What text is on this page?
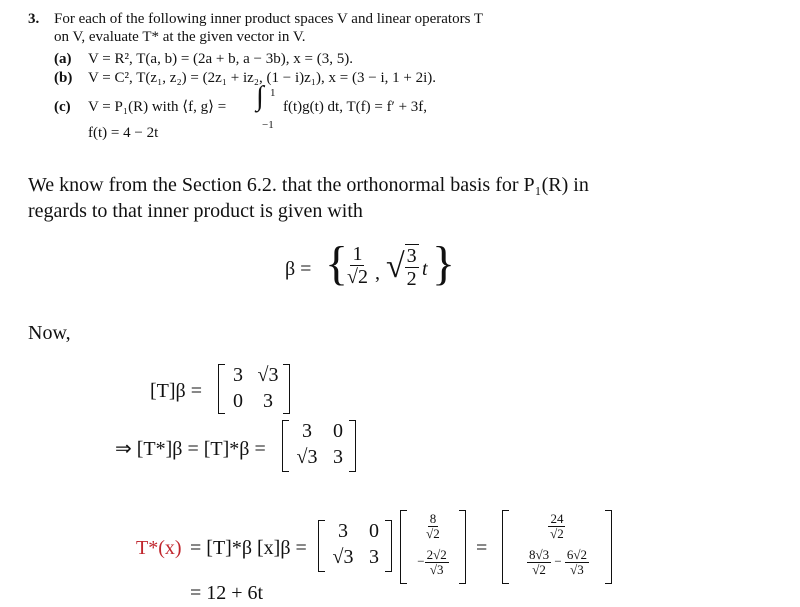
3. For each of the following inner product spaces V and linear operators T
on V, evaluate T* at the given vector in V.
(a) V = R², T(a, b) = (2a + b, a − 3b), x = (3, 5).
(b) V = C², T(z₁, z₂) = (2z₁ + iz₂, (1 − i)z₁), x = (3 − i, 1 + 2i).
(c) V = P₁(R) with ⟨f, g⟩ = ∫ 1
−1
f(t)g(t) dt, T(f) = f′ + 3f,
f(t) = 4 − 2t
We know from the Section 6.2. that the orthonormal basis for P₁(R) in
regards to that inner product is given with
β = {
$\frac{1}{√2}$ , √ $\frac{3}{2}$ t }
Now,
[T]β =
3 √3
0	3
⇒ [T*]β = [T]*β =
3	0
√3 3
T*(x) = [T]*β [x]β =
3	0
√3 3
$\frac{8}{√2}$
− $\frac{2√2}{√3}$ =
$\frac{24}{√2}$
$\frac{8√3}{√2} - \frac{6√2}{√3}$
= 12 + 6t
